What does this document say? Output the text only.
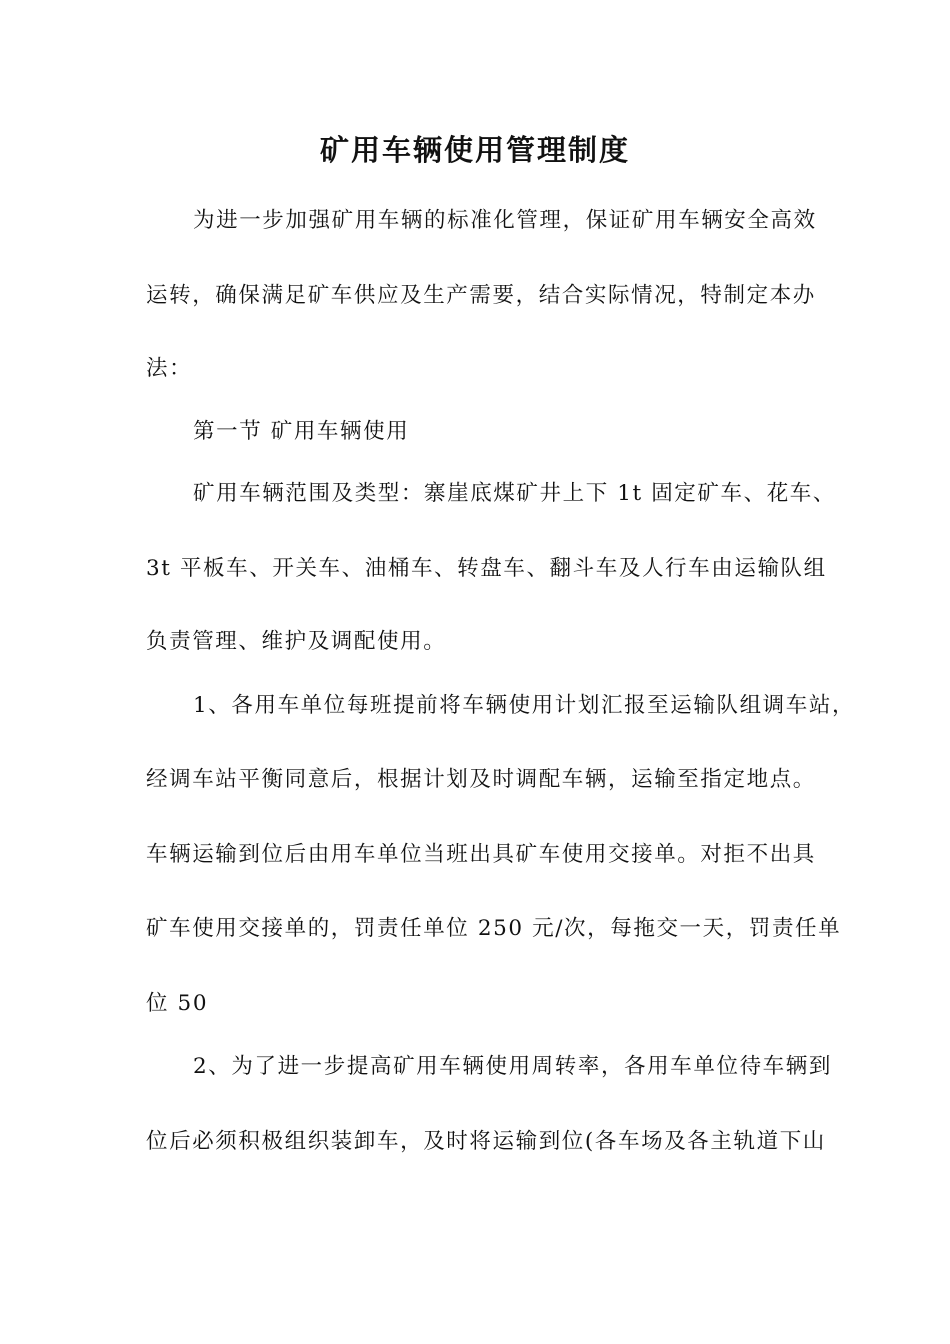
矿用车辆使用管理制度
为进一步加强矿用车辆的标准化管理，保证矿用车辆安全高效
运转，确保满足矿车供应及生产需要，结合实际情况，特制定本办
法：
第一节 矿用车辆使用
矿用车辆范围及类型：寨崖底煤矿井上下 1t 固定矿车、花车、
3t 平板车、开关车、油桶车、转盘车、翻斗车及人行车由运输队组
负责管理、维护及调配使用。
1、各用车单位每班提前将车辆使用计划汇报至运输队组调车站，
经调车站平衡同意后，根据计划及时调配车辆，运输至指定地点。
车辆运输到位后由用车单位当班出具矿车使用交接单。对拒不出具
矿车使用交接单的，罚责任单位 250 元/次，每拖交一天，罚责任单
位 50
2、为了进一步提高矿用车辆使用周转率，各用车单位待车辆到
位后必须积极组织装卸车，及时将运输到位(各车场及各主轨道下山
